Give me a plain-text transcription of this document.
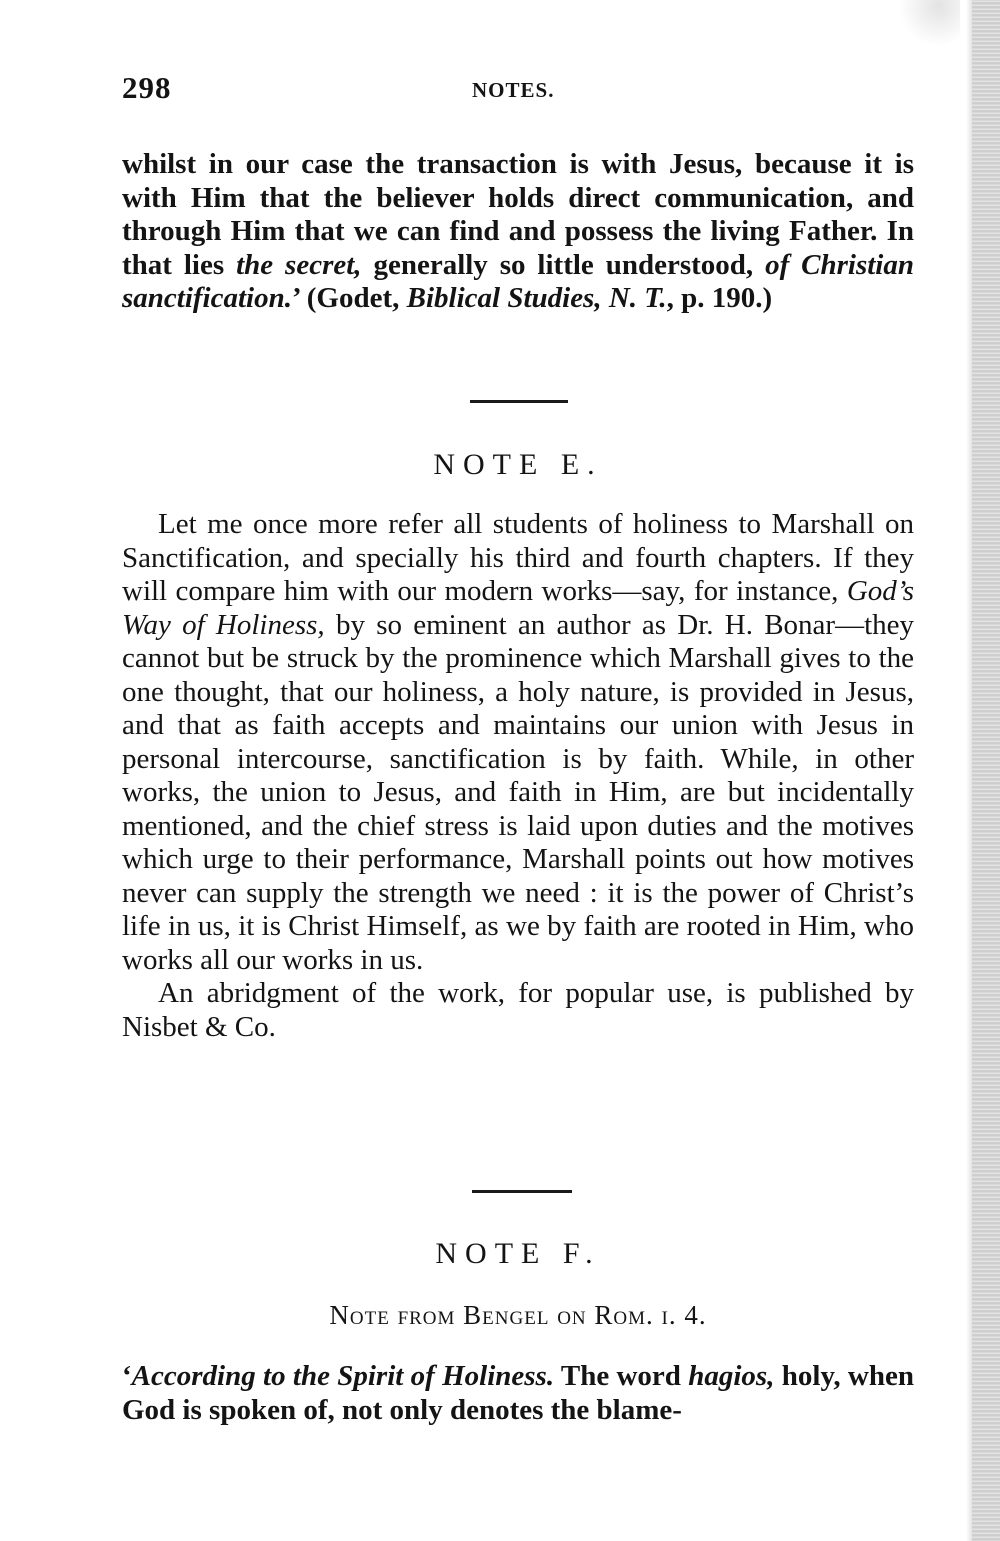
298	NOTES.

whilst in our case the transaction is with Jesus, because it is with Him that the believer holds direct communication, and through Him that we can find and possess the living Father. In that lies the secret, generally so little understood, of Christian sanctification.’ (Godet, Biblical Studies, N. T., p. 190.)

NOTE E.

Let me once more refer all students of holiness to Marshall on Sanctification, and specially his third and fourth chapters. If they will compare him with our modern works—say, for instance, God’s Way of Holiness, by so eminent an author as Dr. H. Bonar—they cannot but be struck by the prominence which Marshall gives to the one thought, that our holiness, a holy nature, is provided in Jesus, and that as faith accepts and maintains our union with Jesus in personal intercourse, sanctification is by faith. While, in other works, the union to Jesus, and faith in Him, are but incidentally mentioned, and the chief stress is laid upon duties and the motives which urge to their performance, Marshall points out how motives never can supply the strength we need : it is the power of Christ’s life in us, it is Christ Himself, as we by faith are rooted in Him, who works all our works in us.

An abridgment of the work, for popular use, is published by Nisbet & Co.

NOTE F.
Note from Bengel on Rom. i. 4.

‘According to the Spirit of Holiness. The word hagios, holy, when God is spoken of, not only denotes the blame-
